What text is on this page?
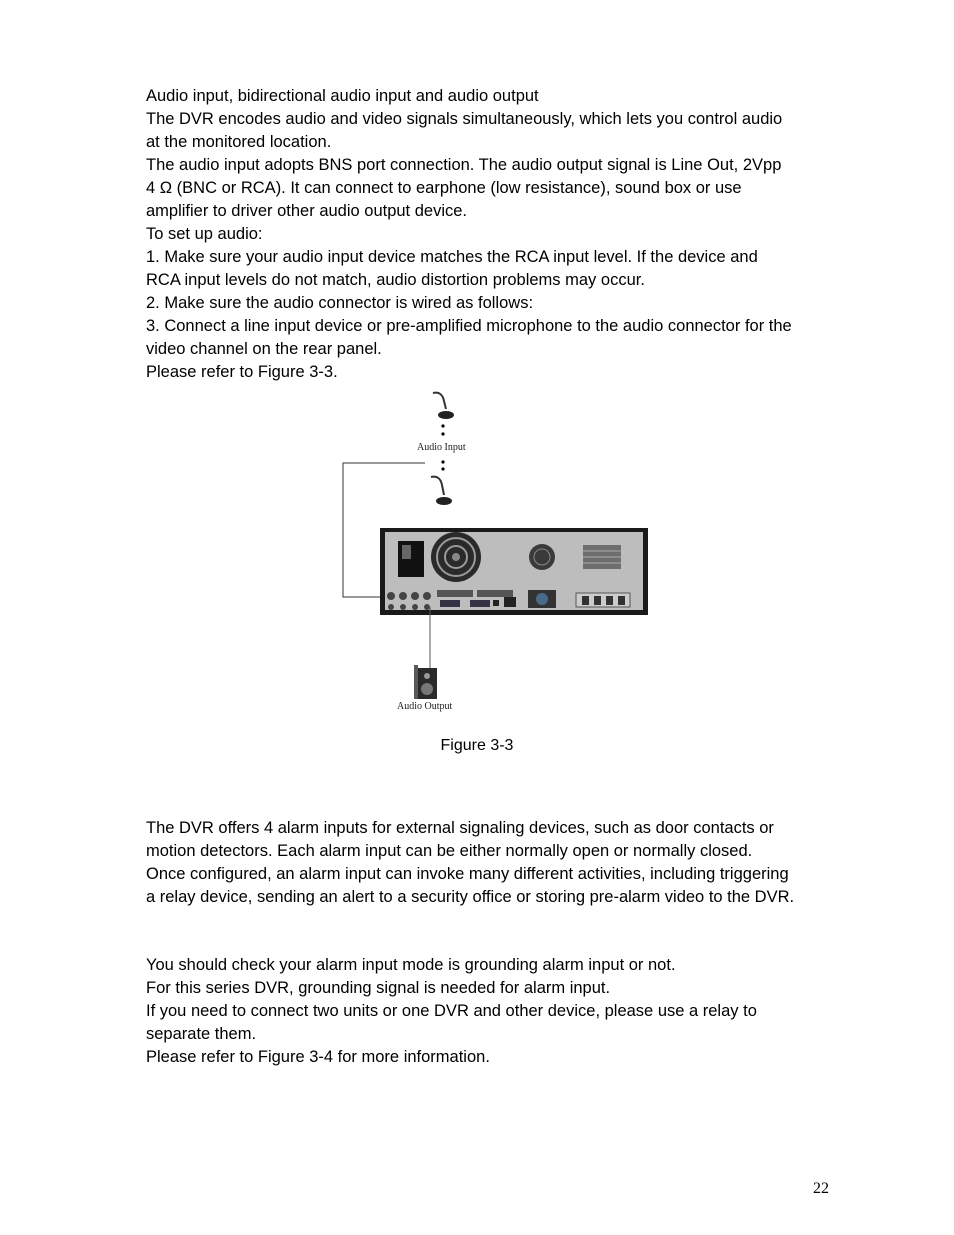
Audio input, bidirectional audio input and audio output

The DVR encodes audio and video signals simultaneously, which lets you control audio

at the monitored location.

The audio input adopts BNS port connection. The audio output signal is Line Out, 2Vpp

4 Ω (BNC or RCA). It can connect to earphone (low resistance), sound box or use

amplifier to driver other audio output device.

To set up audio:

1. Make sure your audio input device matches the RCA input level. If the device and

RCA input levels do not match, audio distortion problems may occur.

2. Make sure the audio connector is wired as follows:

3. Connect a line input device or pre-amplified microphone to the audio connector for the

video channel on the rear panel.

Please refer to Figure 3-3.

Audio Input
Audio Output
Figure 3-3

The DVR offers 4 alarm inputs for external signaling devices, such as door contacts or

motion detectors. Each alarm input can be either normally open or normally closed.

Once configured, an alarm input can invoke many different activities, including triggering

a relay device, sending an alert to a security office or storing pre-alarm video to the DVR.

You should check your alarm input mode is grounding alarm input or not.

For this series DVR, grounding signal is needed for alarm input.

If you need to connect two units or one DVR and other device, please use a relay to

separate them.

Please refer to Figure 3-4 for more information.

22
